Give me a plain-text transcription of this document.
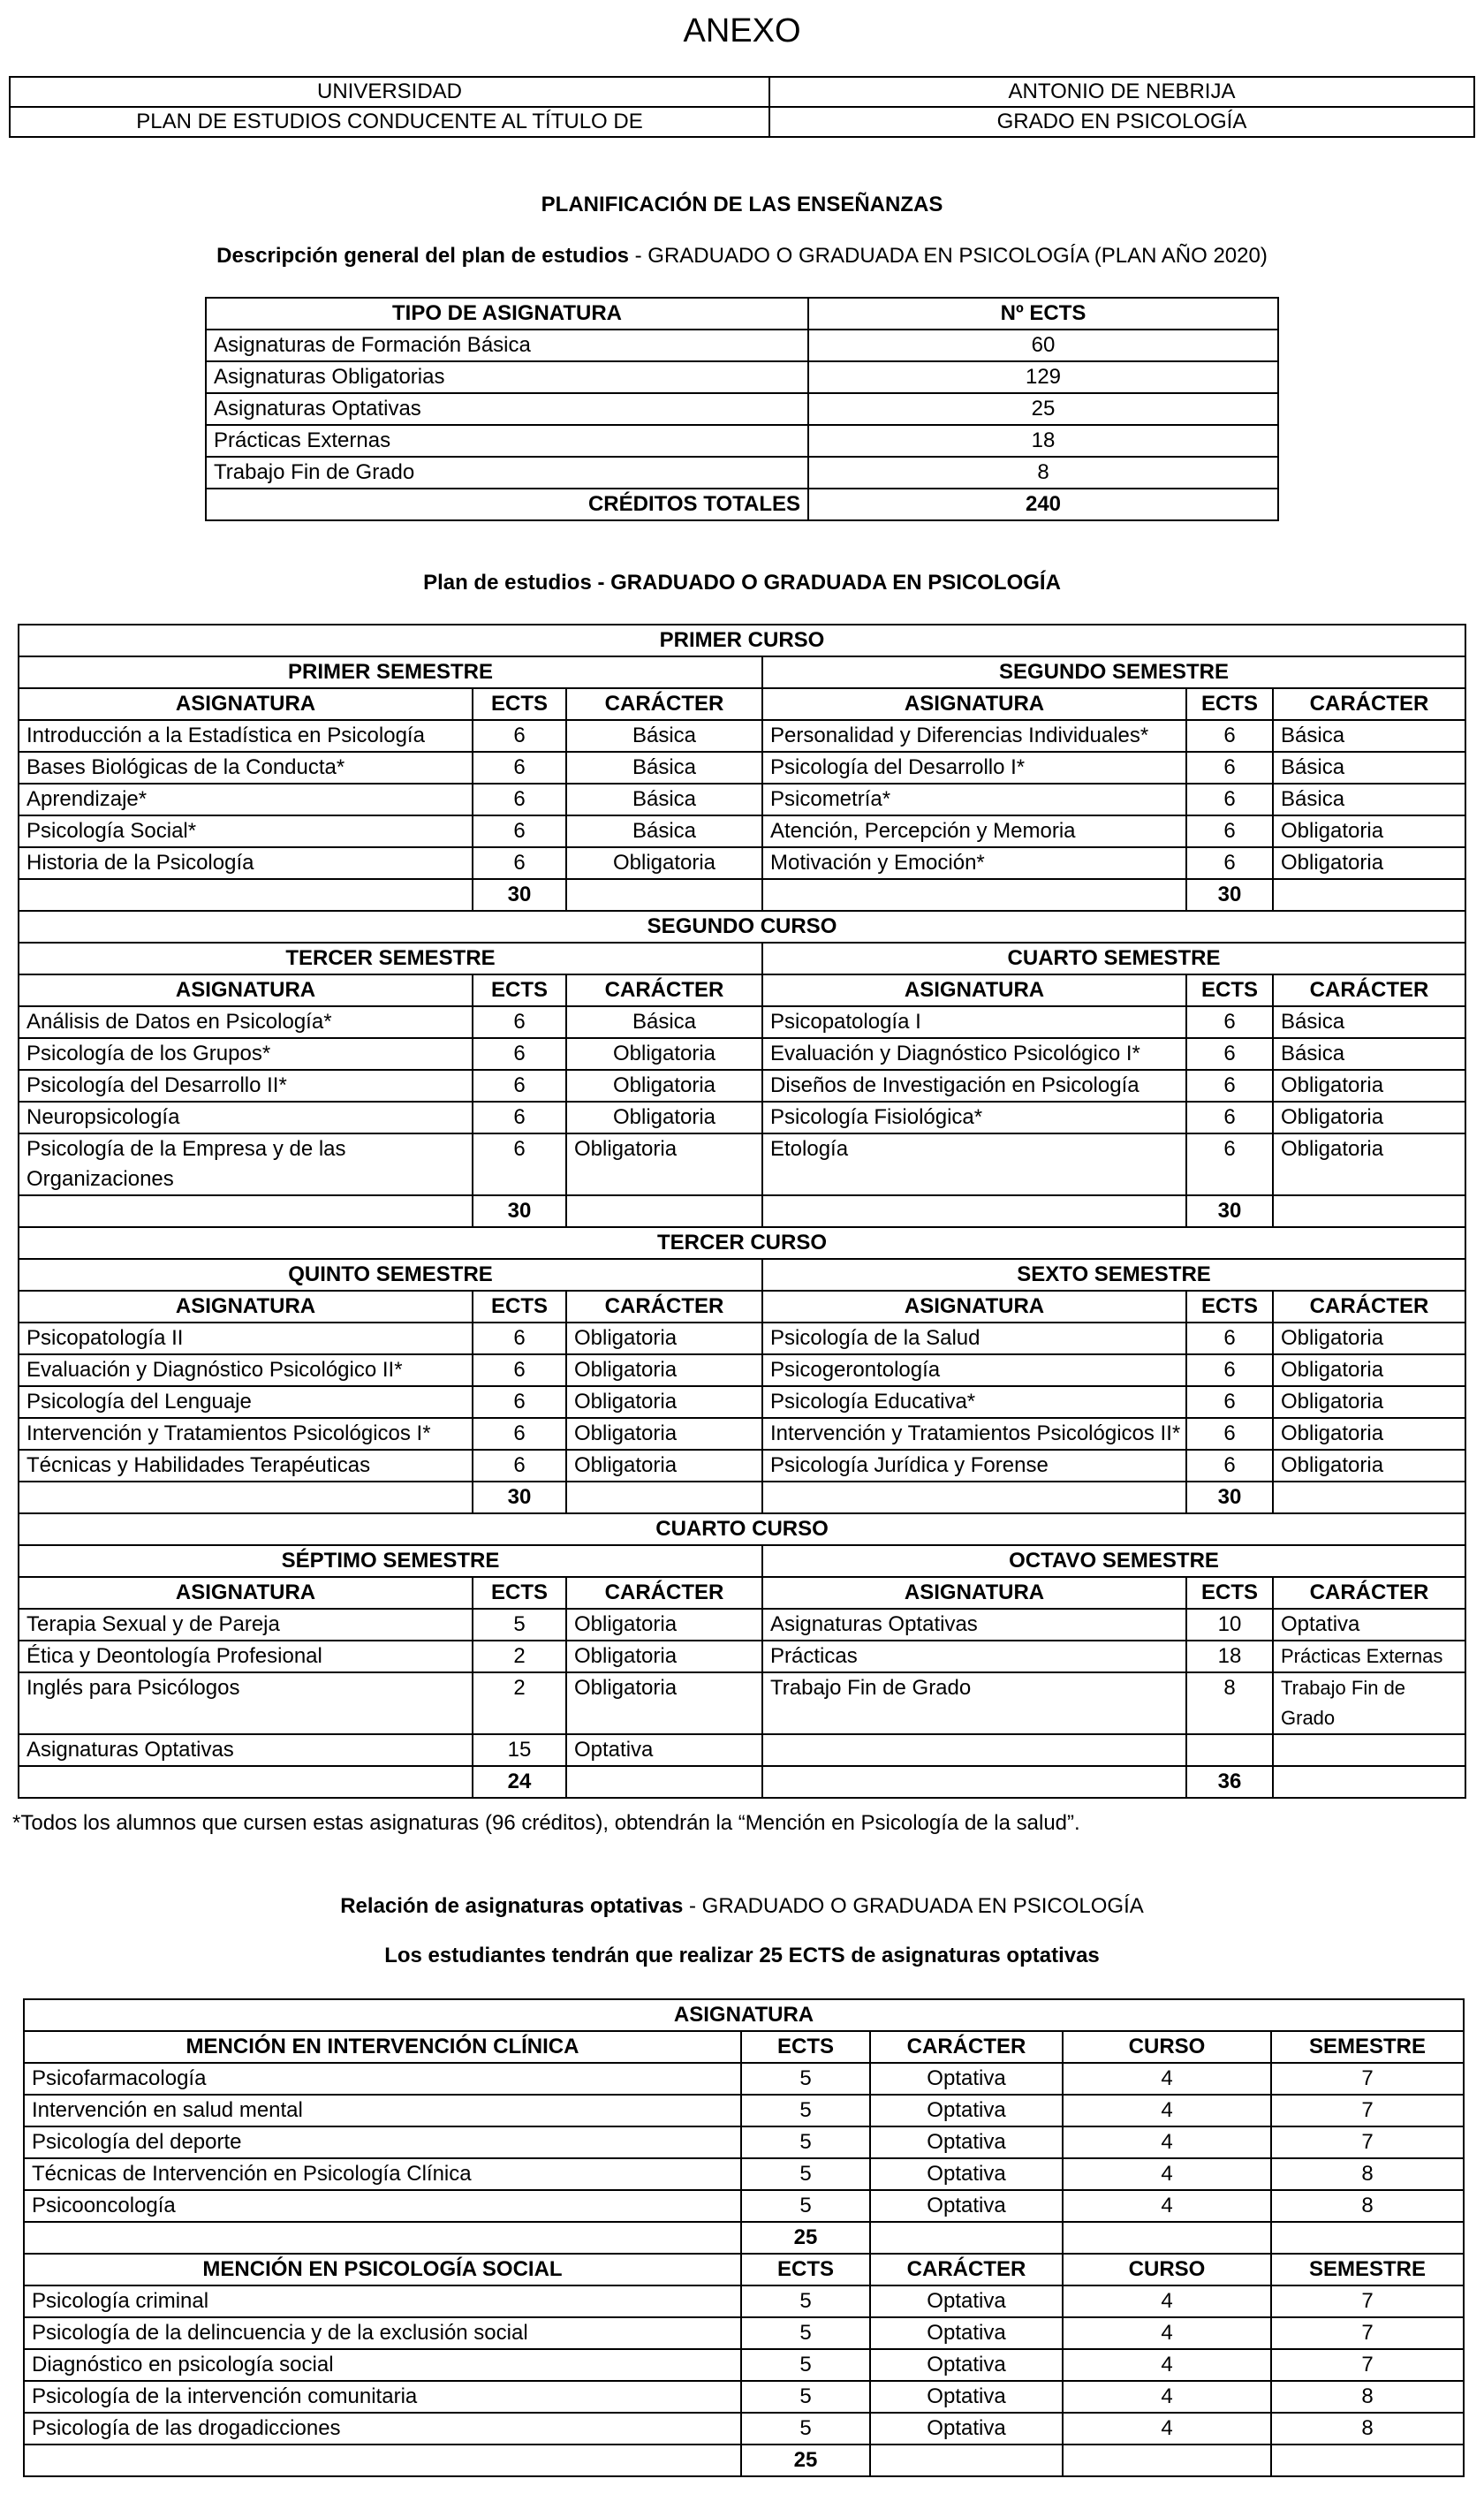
ANEXO
UNIVERSIDAD	ANTONIO DE NEBRIJA
PLAN DE ESTUDIOS CONDUCENTE AL TÍTULO DE	GRADO EN PSICOLOGÍA
PLANIFICACIÓN DE LAS ENSEÑANZAS
Descripción general del plan de estudios - GRADUADO O GRADUADA EN PSICOLOGÍA (PLAN AÑO 2020)
TIPO DE ASIGNATURA	Nº ECTS
Asignaturas de Formación Básica	60
Asignaturas Obligatorias	129
Asignaturas Optativas	25
Prácticas Externas	18
Trabajo Fin de Grado	8
CRÉDITOS TOTALES	240
Plan de estudios - GRADUADO O GRADUADA EN PSICOLOGÍA
PRIMER CURSO					
PRIMER SEMESTRE			SEGUNDO SEMESTRE		
ASIGNATURA	ECTS	CARÁCTER	ASIGNATURA	ECTS	CARÁCTER
Introducción a la Estadística en Psicología	6	Básica	Personalidad y Diferencias Individuales*	6	Básica
Bases Biológicas de la Conducta*	6	Básica	Psicología del Desarrollo I*	6	Básica
Aprendizaje*	6	Básica	Psicometría*	6	Básica
Psicología Social*	6	Básica	Atención, Percepción y Memoria	6	Obligatoria
Historia de la Psicología	6	Obligatoria	Motivación y Emoción*	6	Obligatoria
	30			30	
SEGUNDO CURSO					
TERCER SEMESTRE			CUARTO SEMESTRE		
ASIGNATURA	ECTS	CARÁCTER	ASIGNATURA	ECTS	CARÁCTER
Análisis de Datos en Psicología*	6	Básica	Psicopatología I	6	Básica
Psicología de los Grupos*	6	Obligatoria	Evaluación y Diagnóstico Psicológico I*	6	Básica
Psicología del Desarrollo II*	6	Obligatoria	Diseños de Investigación en Psicología	6	Obligatoria
Neuropsicología	6	Obligatoria	Psicología Fisiológica*	6	Obligatoria
Psicología de la Empresa y de las Organizaciones	6	Obligatoria	Etología	6	Obligatoria
	30			30	
TERCER CURSO					
QUINTO SEMESTRE			SEXTO SEMESTRE		
ASIGNATURA	ECTS	CARÁCTER	ASIGNATURA	ECTS	CARÁCTER
Psicopatología II	6	Obligatoria	Psicología de la Salud	6	Obligatoria
Evaluación y Diagnóstico Psicológico II*	6	Obligatoria	Psicogerontología	6	Obligatoria
Psicología del Lenguaje	6	Obligatoria	Psicología Educativa*	6	Obligatoria
Intervención y Tratamientos Psicológicos I*	6	Obligatoria	Intervención y Tratamientos Psicológicos II*	6	Obligatoria
Técnicas y Habilidades Terapéuticas	6	Obligatoria	Psicología Jurídica y Forense	6	Obligatoria
	30			30	
CUARTO CURSO					
SÉPTIMO SEMESTRE			OCTAVO SEMESTRE		
ASIGNATURA	ECTS	CARÁCTER	ASIGNATURA	ECTS	CARÁCTER
Terapia Sexual y de Pareja	5	Obligatoria	Asignaturas Optativas	10	Optativa
Ética y Deontología Profesional	2	Obligatoria	Prácticas	18	Prácticas Externas
Inglés para Psicólogos	2	Obligatoria	Trabajo Fin de Grado	8	Trabajo Fin de Grado
Asignaturas Optativas	15	Optativa			
	24			36	
*Todos los alumnos que cursen estas asignaturas (96 créditos), obtendrán la “Mención en Psicología de la salud”.
Relación de asignaturas optativas - GRADUADO O GRADUADA EN PSICOLOGÍA
Los estudiantes tendrán que realizar 25 ECTS de asignaturas optativas
ASIGNATURA				
MENCIÓN EN INTERVENCIÓN CLÍNICA	ECTS	CARÁCTER	CURSO	SEMESTRE
Psicofarmacología	5	Optativa	4	7
Intervención en salud mental	5	Optativa	4	7
Psicología del deporte	5	Optativa	4	7
Técnicas de Intervención en Psicología Clínica	5	Optativa	4	8
Psicooncología	5	Optativa	4	8
	25			
MENCIÓN EN PSICOLOGÍA SOCIAL	ECTS	CARÁCTER	CURSO	SEMESTRE
Psicología criminal	5	Optativa	4	7
Psicología de la delincuencia y de la exclusión social	5	Optativa	4	7
Diagnóstico en psicología social	5	Optativa	4	7
Psicología de la intervención comunitaria	5	Optativa	4	8
Psicología de las drogadicciones	5	Optativa	4	8
	25			
